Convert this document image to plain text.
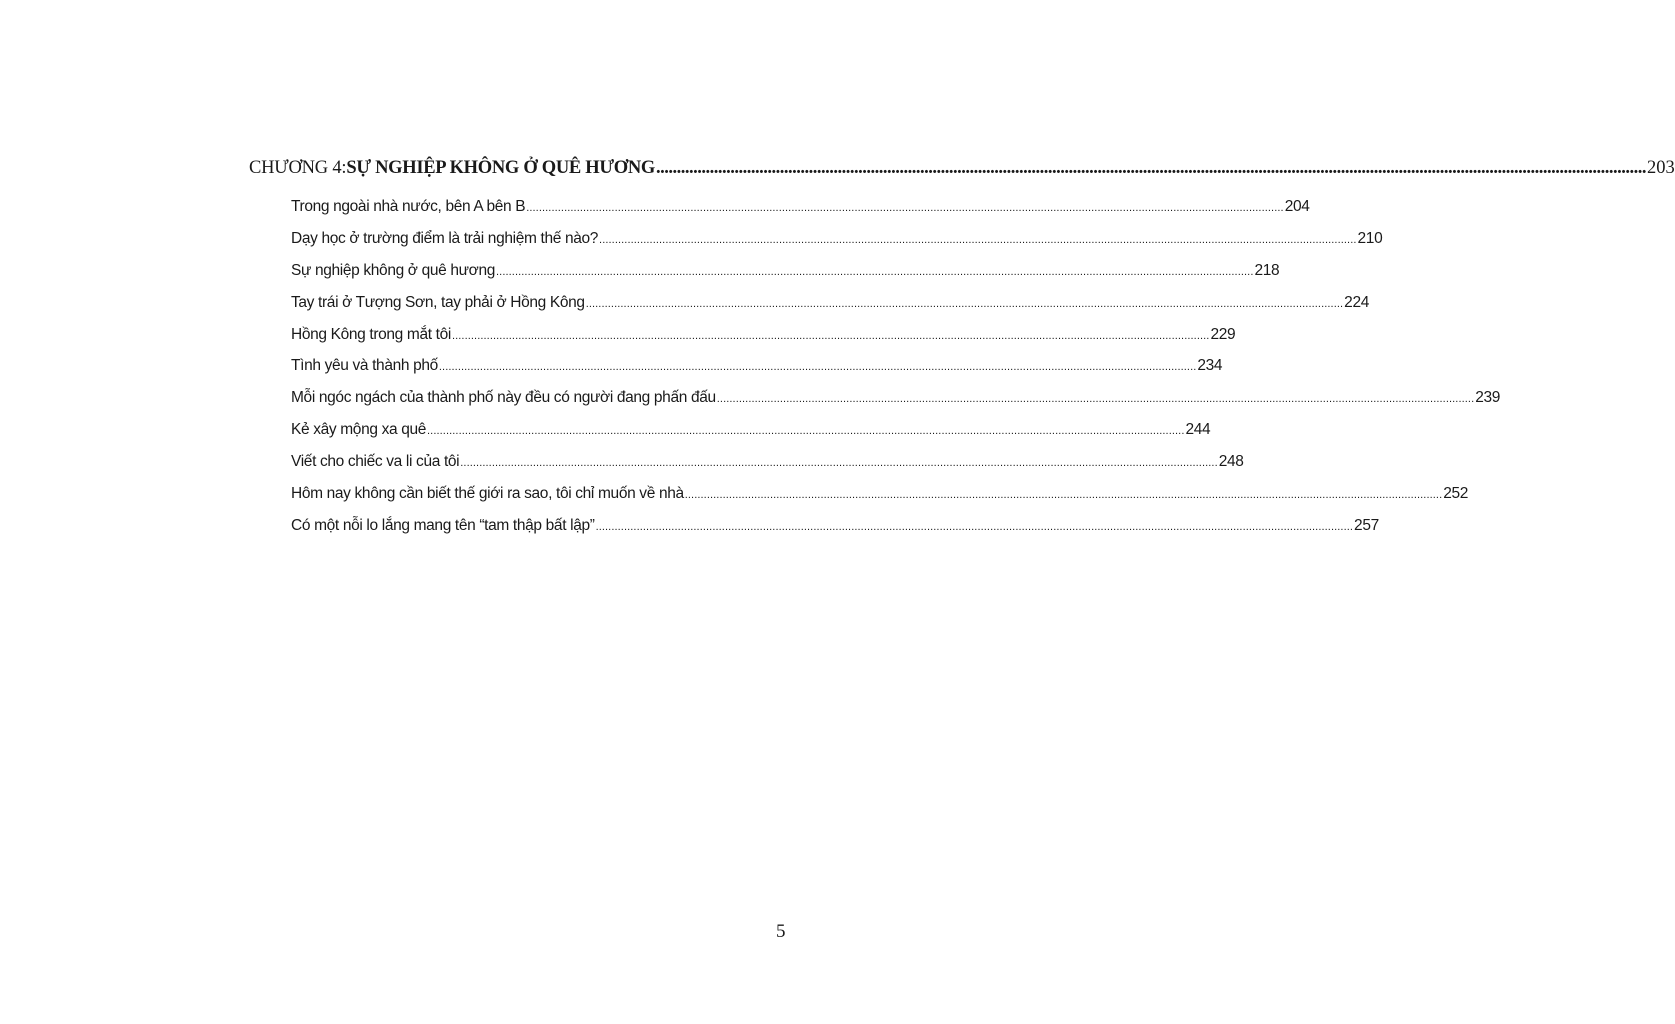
CHƯƠNG 4: SỰ NGHIỆP KHÔNG Ở QUÊ HƯƠNG .....	203
Trong ngoài nhà nước, bên A bên B .....	204
Dạy học ở trường điểm là trải nghiệm thế nào? .....	210
Sự nghiệp không ở quê hương .....	218
Tay trái ở Tượng Sơn, tay phải ở Hồng Kông .....	224
Hồng Kông trong mắt tôi .....	229
Tình yêu và thành phố .....	234
Mỗi ngóc ngách của thành phố này đều có người đang phấn đấu .....	239
Kẻ xây mộng xa quê .....	244
Viết cho chiếc va li của tôi .....	248
Hôm nay không cần biết thế giới ra sao, tôi chỉ muốn về nhà .....	252
Có một nỗi lo lắng mang tên “tam thập bất lập” .....	257
5
